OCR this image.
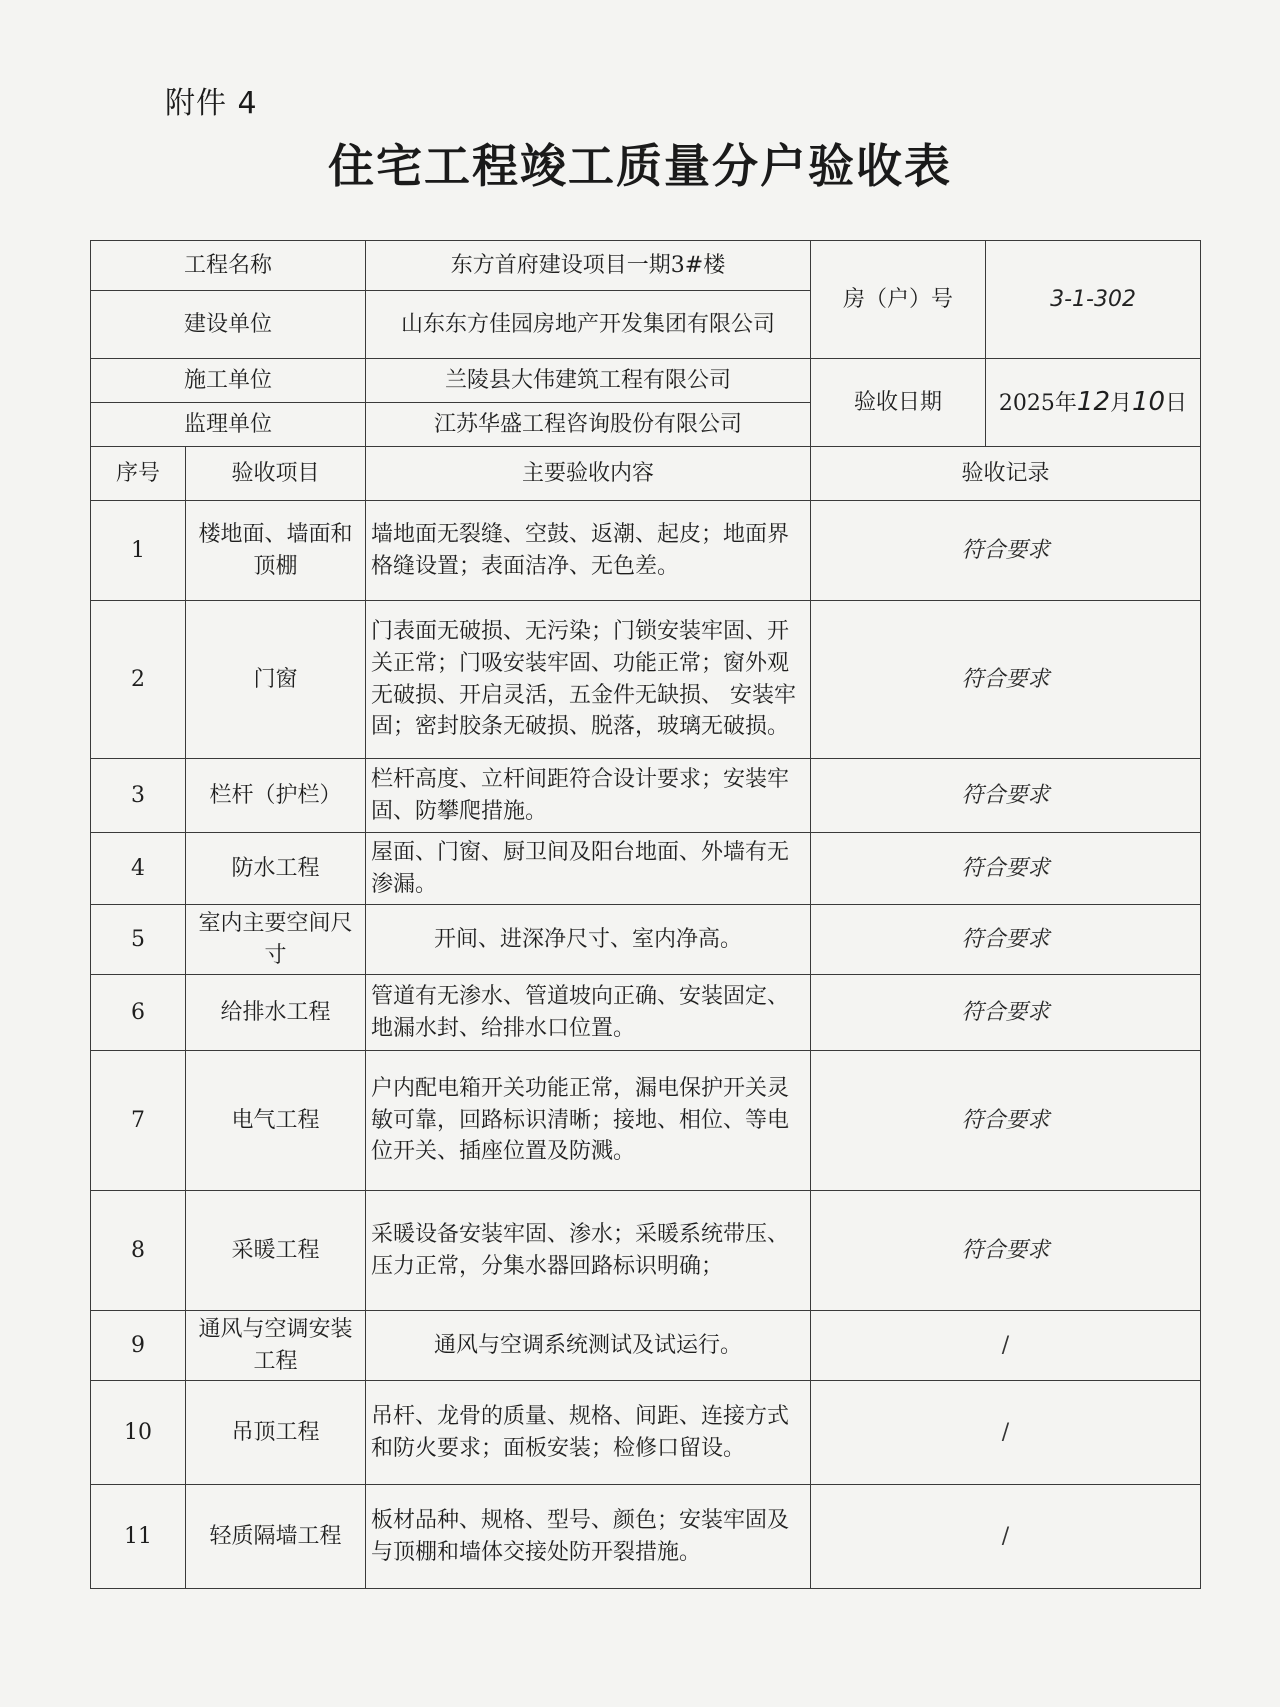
附件 4
住宅工程竣工质量分户验收表
工程名称		东方首府建设项目一期3#楼	房（户）号	3-1-302
建设单位		山东东方佳园房地产开发集团有限公司		
施工单位		兰陵县大伟建筑工程有限公司	验收日期	2025年12月10日
监理单位		江苏华盛工程咨询股份有限公司		
序号	验收项目	主要验收内容	验收记录	
1	楼地面、墙面和顶棚	墙地面无裂缝、空鼓、返潮、起皮；地面界格缝设置；表面洁净、无色差。	符合要求	
2	门窗	门表面无破损、无污染；门锁安装牢固、开关正常；门吸安装牢固、功能正常；窗外观无破损、开启灵活，五金件无缺损、 安装牢固；密封胶条无破损、脱落，玻璃无破损。	符合要求	
3	栏杆（护栏）	栏杆高度、立杆间距符合设计要求；安装牢固、防攀爬措施。	符合要求	
4	防水工程	屋面、门窗、厨卫间及阳台地面、外墙有无渗漏。	符合要求	
5	室内主要空间尺寸	开间、进深净尺寸、室内净高。	符合要求	
6	给排水工程	管道有无渗水、管道坡向正确、安装固定、地漏水封、给排水口位置。	符合要求	
7	电气工程	户内配电箱开关功能正常，漏电保护开关灵敏可靠，回路标识清晰；接地、相位、等电位开关、插座位置及防溅。	符合要求	
8	采暖工程	采暖设备安装牢固、渗水；采暖系统带压、压力正常，分集水器回路标识明确；	符合要求	
9	通风与空调安装工程	通风与空调系统测试及试运行。	/	
10	吊顶工程	吊杆、龙骨的质量、规格、间距、连接方式和防火要求；面板安装；检修口留设。	/	
11	轻质隔墙工程	板材品种、规格、型号、颜色；安装牢固及与顶棚和墙体交接处防开裂措施。	/	
